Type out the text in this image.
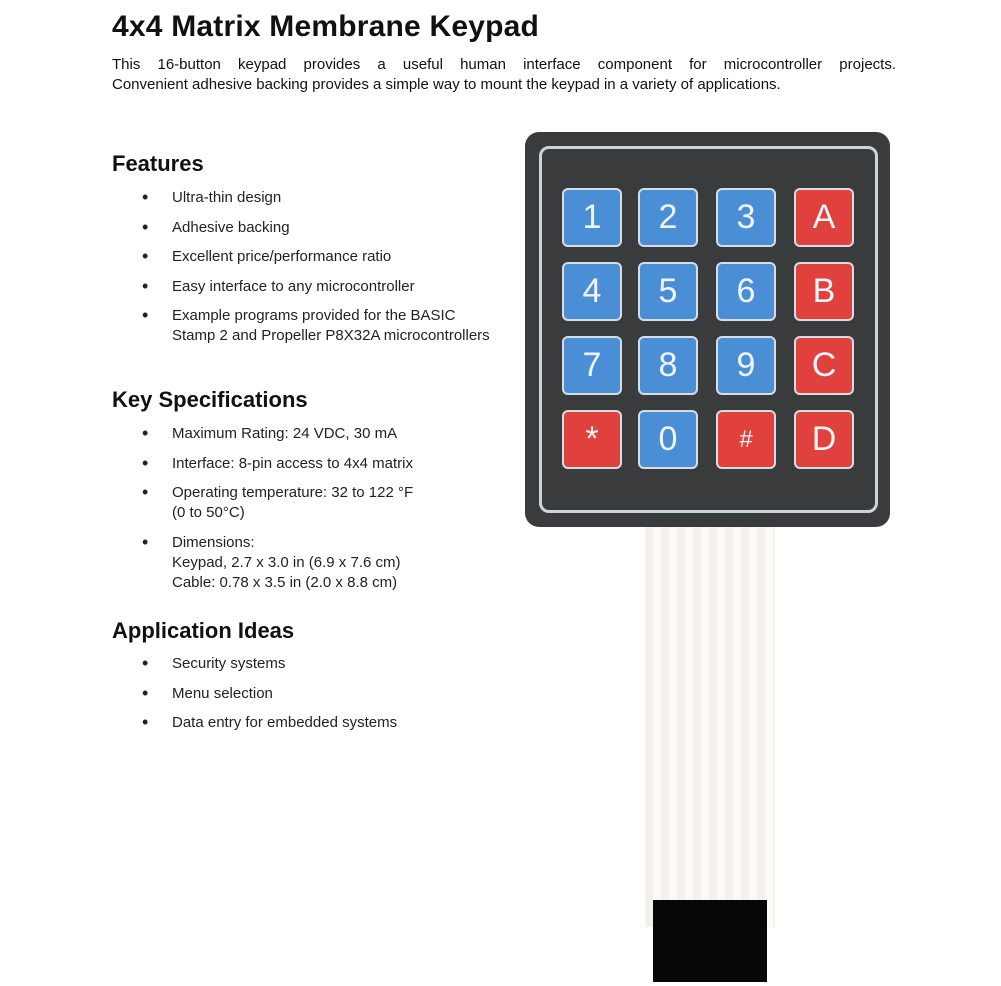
4x4 Matrix Membrane Keypad
This 16-button keypad provides a useful human interface component for microcontroller projects.
Convenient adhesive backing provides a simple way to mount the keypad in a variety of applications.
Features
• Ultra-thin design
• Adhesive backing
• Excellent price/performance ratio
• Easy interface to any microcontroller
• Example programs provided for the BASIC Stamp 2 and Propeller P8X32A microcontrollers
Key Specifications
• Maximum Rating: 24 VDC, 30 mA
• Interface: 8-pin access to 4x4 matrix
• Operating temperature: 32 to 122 °F
(0 to 50°C)
• Dimensions:
Keypad, 2.7 x 3.0 in (6.9 x 7.6 cm)
Cable: 0.78 x 3.5 in (2.0 x 8.8 cm)
Application Ideas
• Security systems
• Menu selection
• Data entry for embedded systems
1	2	3	A
4	5	6	B
7	8	9	C
*	0	#	D
